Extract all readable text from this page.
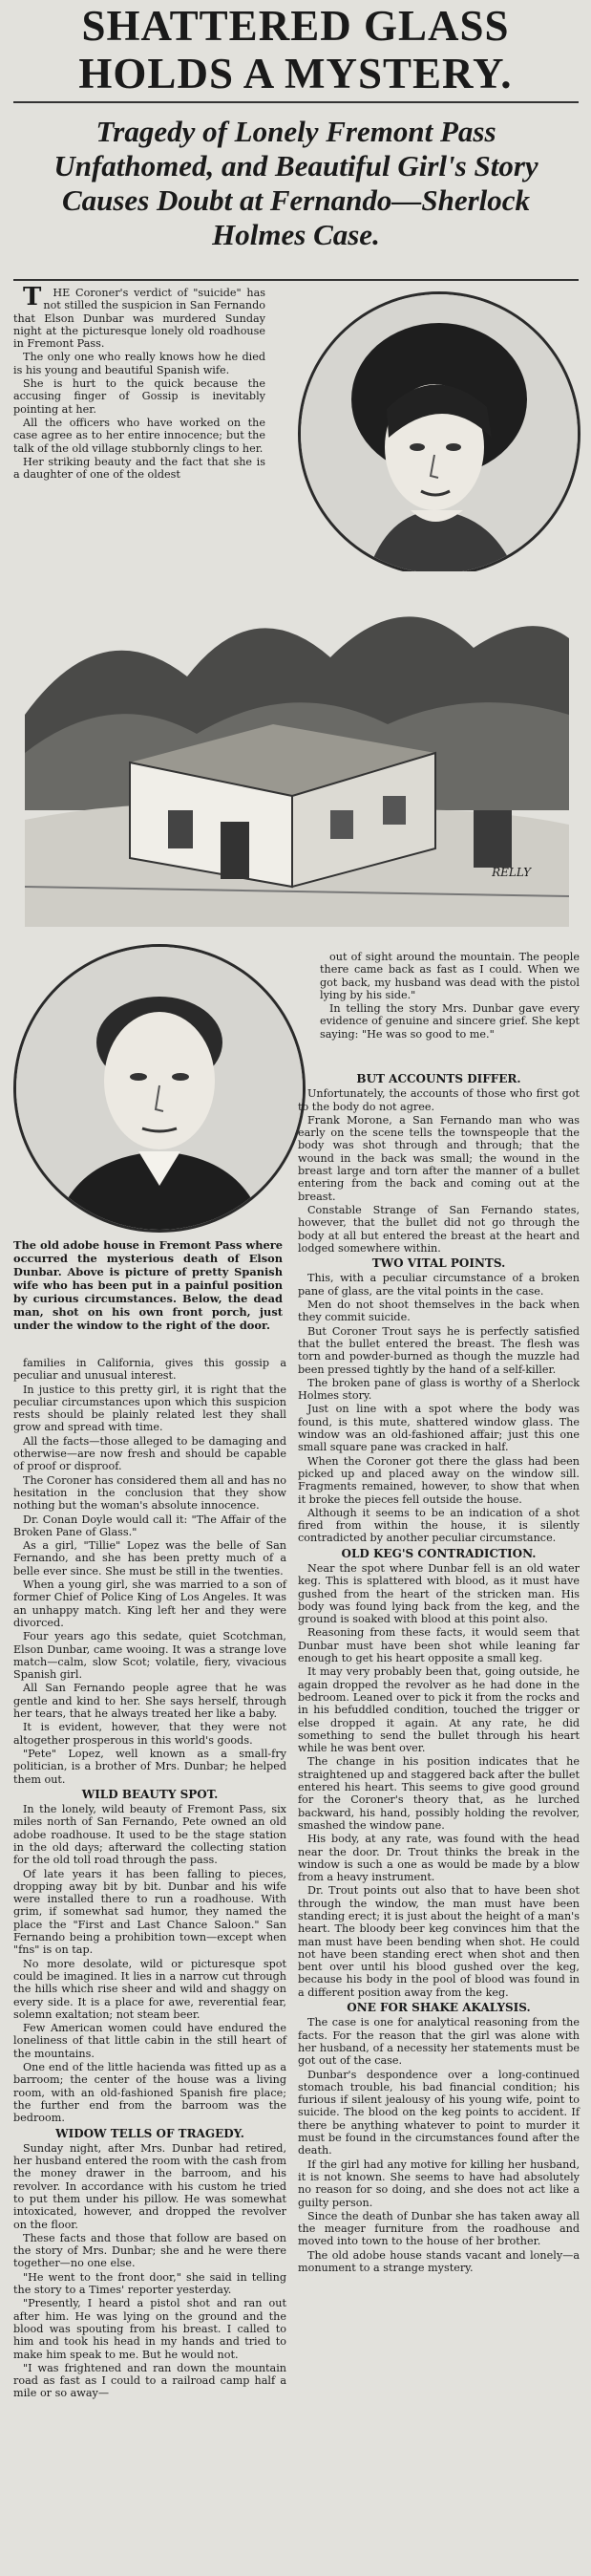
SHATTERED GLASS
HOLDS A MYSTERY.
Tragedy of Lonely Fremont Pass Unfathomed, and Beautiful Girl's Story Causes Doubt at Fernando—Sherlock Holmes Case.

THE Coroner's verdict of "suicide" has not stilled the suspicion in San Fernando that Elson Dunbar was murdered Sunday night at the picturesque lonely old roadhouse in Fremont Pass.

The only one who really knows how he died is his young and beautiful Spanish wife.

She is hurt to the quick because the accusing finger of Gossip is inevitably pointing at her.

All the officers who have worked on the case agree as to her entire innocence; but the talk of the old village stubbornly clings to her.

Her striking beauty and the fact that she is a daughter of one of the oldest

RELLY

out of sight around the mountain. The people there came back as fast as I could. When we got back, my husband was dead with the pistol lying by his side."

In telling the story Mrs. Dunbar gave every evidence of genuine and sincere grief. She kept saying: "He was so good to me."

The old adobe house in Fremont Pass where occurred the mysterious death of Elson Dunbar. Above is picture of pretty Spanish wife who has been put in a painful position by curious circumstances. Below, the dead man, shot on his own front porch, just under the window to the right of the door.

families in California, gives this gossip a peculiar and unusual interest.

In justice to this pretty girl, it is right that the peculiar circumstances upon which this suspicion rests should be plainly related lest they shall grow and spread with time.

All the facts—those alleged to be damaging and otherwise—are now fresh and should be capable of proof or disproof.

The Coroner has considered them all and has no hesitation in the conclusion that they show nothing but the woman's absolute innocence.

Dr. Conan Doyle would call it: "The Affair of the Broken Pane of Glass."

As a girl, "Tillie" Lopez was the belle of San Fernando, and she has been pretty much of a belle ever since. She must be still in the twenties.

When a young girl, she was married to a son of former Chief of Police King of Los Angeles. It was an unhappy match. King left her and they were divorced.

Four years ago this sedate, quiet Scotchman, Elson Dunbar, came wooing. It was a strange love match—calm, slow Scot; volatile, fiery, vivacious Spanish girl.

All San Fernando people agree that he was gentle and kind to her. She says herself, through her tears, that he always treated her like a baby.

It is evident, however, that they were not altogether prosperous in this world's goods.

"Pete" Lopez, well known as a small-fry politician, is a brother of Mrs. Dunbar; he helped them out.

WILD BEAUTY SPOT.

In the lonely, wild beauty of Fremont Pass, six miles north of San Fernando, Pete owned an old adobe roadhouse. It used to be the stage station in the old days; afterward the collecting station for the old toll road through the pass.

Of late years it has been falling to pieces, dropping away bit by bit. Dunbar and his wife were installed there to run a roadhouse. With grim, if somewhat sad humor, they named the place the "First and Last Chance Saloon." San Fernando being a prohibition town—except when "fns" is on tap.

No more desolate, wild or picturesque spot could be imagined. It lies in a narrow cut through the hills which rise sheer and wild and shaggy on every side. It is a place for awe, reverential fear, solemn exaltation; not steam beer.

Few American women could have endured the loneliness of that little cabin in the still heart of the mountains.

One end of the little hacienda was fitted up as a barroom; the center of the house was a living room, with an old-fashioned Spanish fire place; the further end from the barroom was the bedroom.

WIDOW TELLS OF TRAGEDY.

Sunday night, after Mrs. Dunbar had retired, her husband entered the room with the cash from the money drawer in the barroom, and his revolver. In accordance with his custom he tried to put them under his pillow. He was somewhat intoxicated, however, and dropped the revolver on the floor.

These facts and those that follow are based on the story of Mrs. Dunbar; she and he were there together—no one else.

"He went to the front door," she said in telling the story to a Times' reporter yesterday.

"Presently, I heard a pistol shot and ran out after him. He was lying on the ground and the blood was spouting from his breast. I called to him and took his head in my hands and tried to make him speak to me. But he would not.

"I was frightened and ran down the mountain road as fast as I could to a railroad camp half a mile or so away—

BUT ACCOUNTS DIFFER.

Unfortunately, the accounts of those who first got to the body do not agree.

Frank Morone, a San Fernando man who was early on the scene tells the townspeople that the body was shot through and through; that the wound in the back was small; the wound in the breast large and torn after the manner of a bullet entering from the back and coming out at the breast.

Constable Strange of San Fernando states, however, that the bullet did not go through the body at all but entered the breast at the heart and lodged somewhere within.

TWO VITAL POINTS.

This, with a peculiar circumstance of a broken pane of glass, are the vital points in the case.

Men do not shoot themselves in the back when they commit suicide.

But Coroner Trout says he is perfectly satisfied that the bullet entered the breast. The flesh was torn and powder-burned as though the muzzle had been pressed tightly by the hand of a self-killer.

The broken pane of glass is worthy of a Sherlock Holmes story.

Just on line with a spot where the body was found, is this mute, shattered window glass. The window was an old-fashioned affair; just this one small square pane was cracked in half.

When the Coroner got there the glass had been picked up and placed away on the window sill. Fragments remained, however, to show that when it broke the pieces fell outside the house.

Although it seems to be an indication of a shot fired from within the house, it is silently contradicted by another peculiar circumstance.

OLD KEG'S CONTRADICTION.

Near the spot where Dunbar fell is an old water keg. This is splattered with blood, as it must have gushed from the heart of the stricken man. His body was found lying back from the keg, and the ground is soaked with blood at this point also.

Reasoning from these facts, it would seem that Dunbar must have been shot while leaning far enough to get his heart opposite a small keg.

It may very probably been that, going outside, he again dropped the revolver as he had done in the bedroom. Leaned over to pick it from the rocks and in his befuddled condition, touched the trigger or else dropped it again. At any rate, he did something to send the bullet through his heart while he was bent over.

The change in his position indicates that he straightened up and staggered back after the bullet entered his heart. This seems to give good ground for the Coroner's theory that, as he lurched backward, his hand, possibly holding the revolver, smashed the window pane.

His body, at any rate, was found with the head near the door. Dr. Trout thinks the break in the window is such a one as would be made by a blow from a heavy instrument.

Dr. Trout points out also that to have been shot through the window, the man must have been standing erect; it is just about the height of a man's heart. The bloody beer keg convinces him that the man must have been bending when shot. He could not have been standing erect when shot and then bent over until his blood gushed over the keg, because his body in the pool of blood was found in a different position away from the keg.

ONE FOR SHAKE AKALYSIS.

The case is one for analytical reasoning from the facts. For the reason that the girl was alone with her husband, of a necessity her statements must be got out of the case.

Dunbar's despondence over a long-continued stomach trouble, his bad financial condition; his furious if silent jealousy of his young wife, point to suicide. The blood on the keg points to accident. If there be anything whatever to point to murder it must be found in the circumstances found after the death.

If the girl had any motive for killing her husband, it is not known. She seems to have had absolutely no reason for so doing, and she does not act like a guilty person.

Since the death of Dunbar she has taken away all the meager furniture from the roadhouse and moved into town to the house of her brother.

The old adobe house stands vacant and lonely—a monument to a strange mystery.
